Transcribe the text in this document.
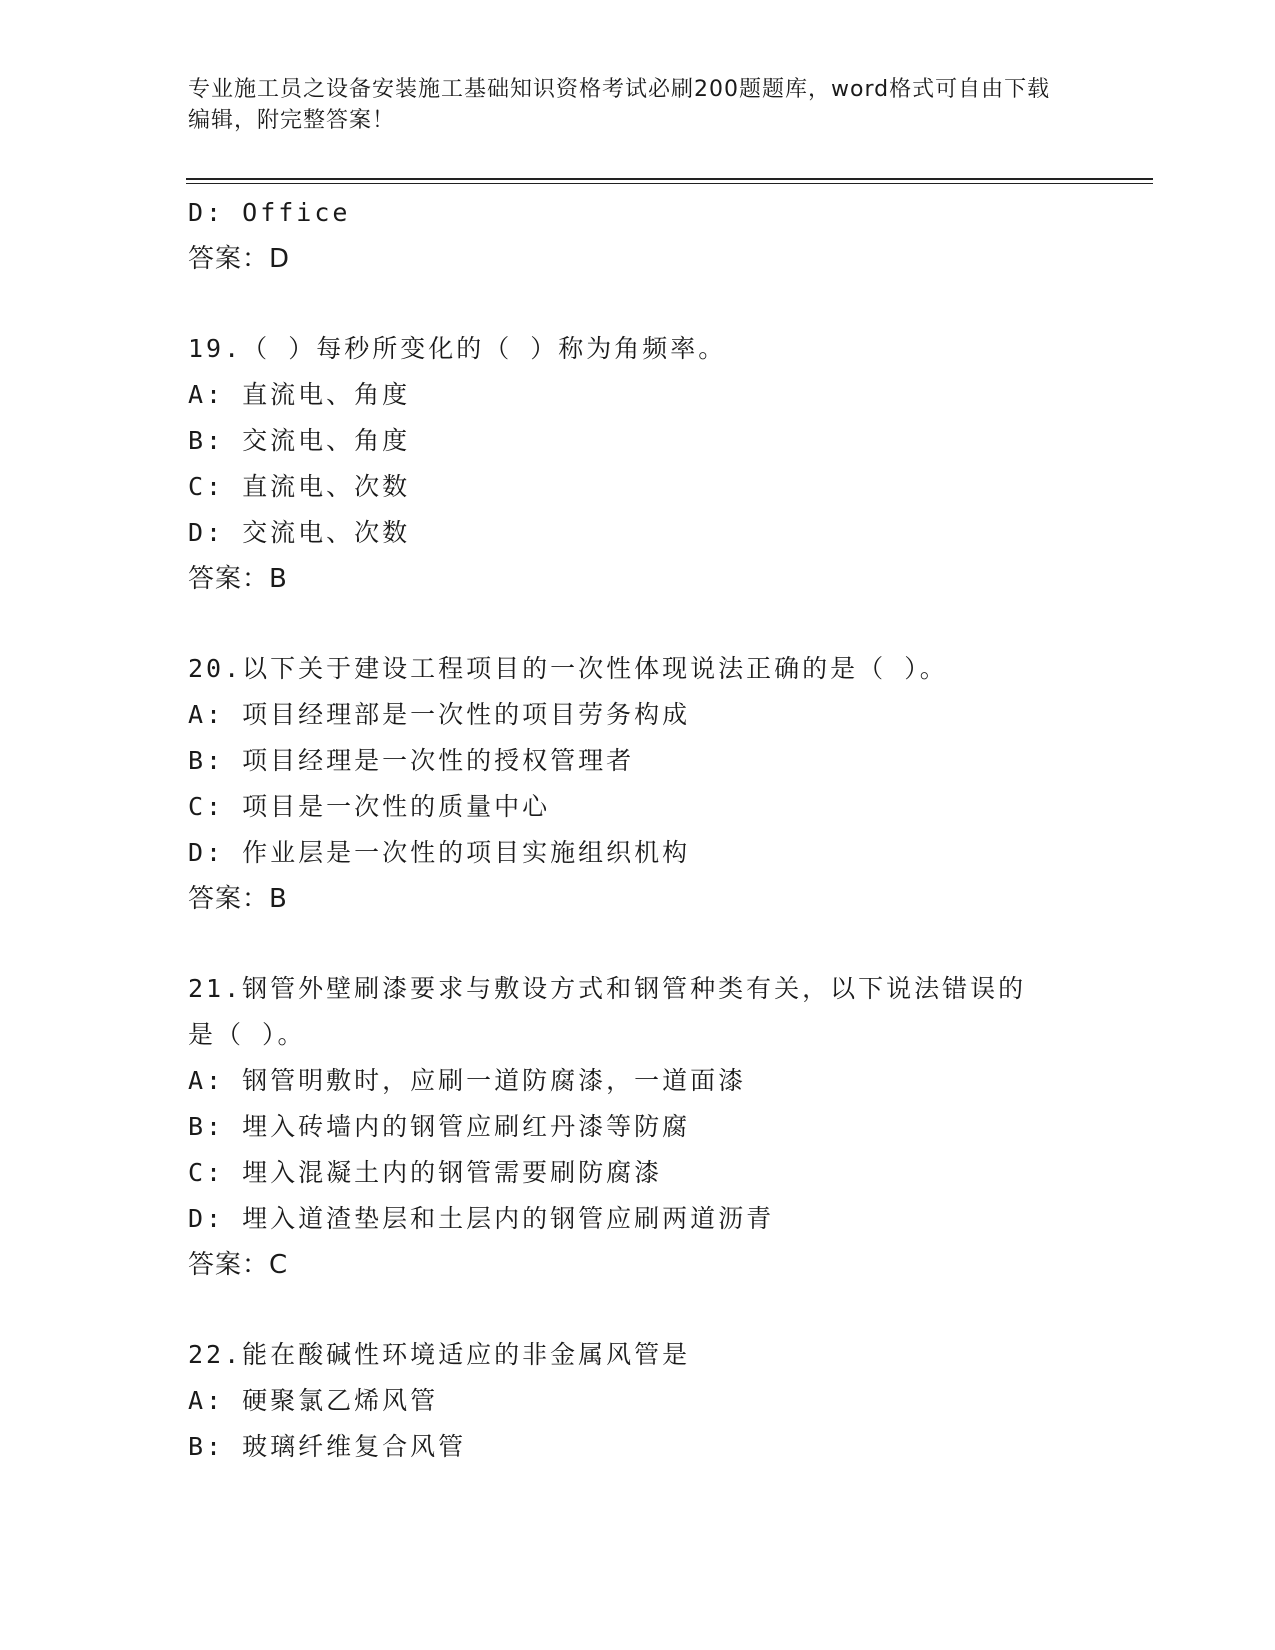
专业施工员之设备安装施工基础知识资格考试必刷200题题库，word格式可自由下载编辑，附完整答案！
D: Office
答案：D
19.（ ）每秒所变化的（ ）称为角频率。
A: 直流电、角度
B: 交流电、角度
C: 直流电、次数
D: 交流电、次数
答案：B
20.以下关于建设工程项目的一次性体现说法正确的是（ ）。
A: 项目经理部是一次性的项目劳务构成
B: 项目经理是一次性的授权管理者
C: 项目是一次性的质量中心
D: 作业层是一次性的项目实施组织机构
答案：B
21.钢管外壁刷漆要求与敷设方式和钢管种类有关，以下说法错误的是（ ）。
A: 钢管明敷时，应刷一道防腐漆，一道面漆
B: 埋入砖墙内的钢管应刷红丹漆等防腐
C: 埋入混凝土内的钢管需要刷防腐漆
D: 埋入道渣垫层和土层内的钢管应刷两道沥青
答案：C
22.能在酸碱性环境适应的非金属风管是
A: 硬聚氯乙烯风管
B: 玻璃纤维复合风管
